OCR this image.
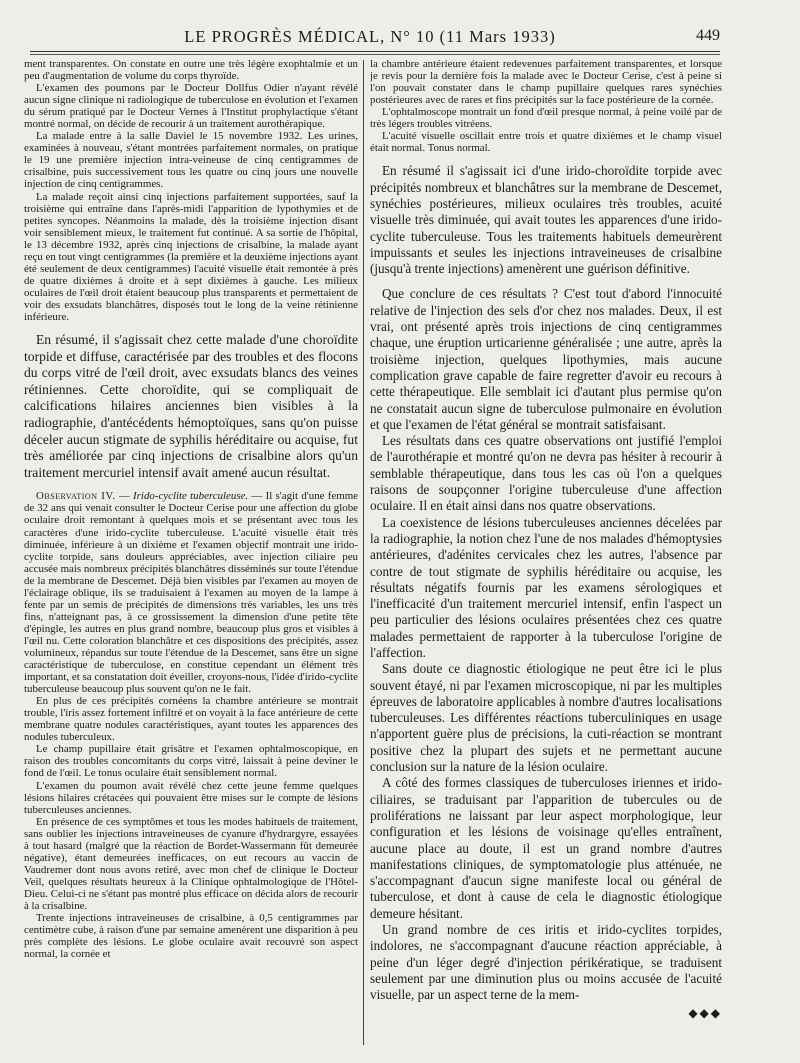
LE PROGRÈS MÉDICAL, N° 10 (11 Mars 1933)	449

ment transparentes. On constate en outre une très légère exophtalmie et un peu d'augmentation de volume du corps thyroïde.

L'examen des poumons par le Docteur Dollfus Odier n'ayant révélé aucun signe clinique ni radiologique de tuberculose en évolution et l'examen du sérum pratiqué par le Docteur Vernes à l'Institut prophylactique s'étant montré normal, on décide de recourir à un traitement aurothérapique.

La malade entre à la salle Daviel le 15 novembre 1932. Les urines, examinées à nouveau, s'étant montrées parfaitement normales, on pratique le 19 une première injection intra-veineuse de cinq centigrammes de crisalbine, puis successivement tous les quatre ou cinq jours une nouvelle injection de cinq centigrammes.

La malade reçoit ainsi cinq injections parfaitement supportées, sauf la troisième qui entraîne dans l'après-midi l'apparition de lypothymies et de petites syncopes. Néanmoins la malade, dès la troisième injection disant voir sensiblement mieux, le traitement fut continué. A sa sortie de l'hôpital, le 13 décembre 1932, après cinq injections de crisalbine, la malade ayant reçu en tout vingt centigrammes (la première et la deuxième injections ayant été seulement de deux centigrammes) l'acuité visuelle était remontée à près de quatre dixièmes à droite et à sept dixièmes à gauche. Les milieux oculaires de l'œil droit étaient beaucoup plus transparents et permettaient de voir des exsudats blanchâtres, disposés tout le long de la veine rétinienne inférieure.

En résumé, il s'agissait chez cette malade d'une choroïdite torpide et diffuse, caractérisée par des troubles et des flocons du corps vitré de l'œil droit, avec exsudats blancs des veines rétiniennes. Cette choroïdite, qui se compliquait de calcifications hilaires anciennes bien visibles à la radiographie, d'antécédents hémoptoïques, sans qu'on puisse déceler aucun stigmate de syphilis héréditaire ou acquise, fut très améliorée par cinq injections de crisalbine alors qu'un traitement mercuriel intensif avait amené aucun résultat.

Observation IV. — Irido-cyclite tuberculeuse. — Il s'agit d'une femme de 32 ans qui venait consulter le Docteur Cerise pour une affection du globe oculaire droit remontant à quelques mois et se présentant avec tous les caractères d'une irido-cyclite tuberculeuse. L'acuité visuelle était très diminuée, inférieure à un dixième et l'examen objectif montrait une irido-cyclite torpide, sans douleurs appréciables, avec injection ciliaire peu accusée mais nombreux précipités blanchâtres disséminés sur toute l'étendue de la membrane de Descemet. Déjà bien visibles par l'examen au moyen de l'éclairage oblique, ils se traduisaient à l'examen au moyen de la lampe à fente par un semis de précipités de dimensions très variables, les uns très fins, n'atteignant pas, à ce grossissement la dimension d'une petite tête d'épingle, les autres en plus grand nombre, beaucoup plus gros et visibles à l'œil nu. Cette coloration blanchâtre et ces dispositions des précipités, assez volumineux, répandus sur toute l'étendue de la Descemet, sans être un signe caractéristique de tuberculose, en constitue cependant un élément très important, et sa constatation doit éveiller, croyons-nous, l'idée d'irido-cyclite tuberculeuse beaucoup plus souvent qu'on ne le fait.

En plus de ces précipités cornéens la chambre antérieure se montrait trouble, l'iris assez fortement infiltré et on voyait à la face antérieure de cette membrane quatre nodules caractéristiques, ayant toutes les apparences des nodules tuberculeux.

Le champ pupillaire était grisâtre et l'examen ophtalmoscopique, en raison des troubles concomitants du corps vitré, laissait à peine deviner le fond de l'œil. Le tonus oculaire était sensiblement normal.

L'examen du poumon avait révélé chez cette jeune femme quelques lésions hilaires crétacées qui pouvaient être mises sur le compte de lésions tuberculeuses anciennes.

En présence de ces symptômes et tous les modes habituels de traitement, sans oublier les injections intraveineuses de cyanure d'hydrargyre, essayées à tout hasard (malgré que la réaction de Bordet-Wassermann fût demeurée négative), étant demeurées inefficaces, on eut recours au vaccin de Vaudremer dont nous avons retiré, avec mon chef de clinique le Docteur Veil, quelques résultats heureux à la Clinique ophtalmologique de l'Hôtel-Dieu. Celui-ci ne s'étant pas montré plus efficace on décida alors de recourir à la crisalbine.

Trente injections intraveineuses de crisalbine, à 0,5 centigrammes par centimètre cube, à raison d'une par semaine amenèrent une disparition à peu près complète des lésions. Le globe oculaire avait recouvré son aspect normal, la cornée et

la chambre antérieure étaient redevenues parfaitement transparentes, et lorsque je revis pour la dernière fois la malade avec le Docteur Cerise, c'est à peine si l'on pouvait constater dans le champ pupillaire quelques rares synéchies postérieures avec de rares et fins précipités sur la face postérieure de la cornée.

L'ophtalmoscope montrait un fond d'œil presque normal, à peine voilé par de très légers troubles vitréens.

L'acuité visuelle oscillait entre trois et quatre dixièmes et le champ visuel était normal. Tonus normal.

En résumé il s'agissait ici d'une irido-choroïdite torpide avec précipités nombreux et blanchâtres sur la membrane de Descemet, synéchies postérieures, milieux oculaires très troubles, acuité visuelle très diminuée, qui avait toutes les apparences d'une irido-cyclite tuberculeuse. Tous les traitements habituels demeurèrent impuissants et seules les injections intraveineuses de crisalbine (jusqu'à trente injections) amenèrent une guérison définitive.

Que conclure de ces résultats ? C'est tout d'abord l'innocuité relative de l'injection des sels d'or chez nos malades. Deux, il est vrai, ont présenté après trois injections de cinq centigrammes chaque, une éruption urticarienne généralisée ; une autre, après la troisième injection, quelques lipothymies, mais aucune complication grave capable de faire regretter d'avoir eu recours à cette thérapeutique. Elle semblait ici d'autant plus permise qu'on ne constatait aucun signe de tuberculose pulmonaire en évolution et que l'examen de l'état général se montrait satisfaisant.

Les résultats dans ces quatre observations ont justifié l'emploi de l'aurothérapie et montré qu'on ne devra pas hésiter à recourir à semblable thérapeutique, dans tous les cas où l'on a quelques raisons de soupçonner l'origine tuberculeuse d'une affection oculaire. Il en était ainsi dans nos quatre observations.

La coexistence de lésions tuberculeuses anciennes décelées par la radiographie, la notion chez l'une de nos malades d'hémoptysies antérieures, d'adénites cervicales chez les autres, l'absence par contre de tout stigmate de syphilis héréditaire ou acquise, les résultats négatifs fournis par les examens sérologiques et l'inefficacité d'un traitement mercuriel intensif, enfin l'aspect un peu particulier des lésions oculaires présentées chez ces quatre malades permettaient de rapporter à la tuberculose l'origine de l'affection.

Sans doute ce diagnostic étiologique ne peut être ici le plus souvent étayé, ni par l'examen microscopique, ni par les multiples épreuves de laboratoire applicables à nombre d'autres localisations tuberculeuses. Les différentes réactions tuberculiniques en usage n'apportent guère plus de précisions, la cuti-réaction se montrant positive chez la plupart des sujets et ne permettant aucune conclusion sur la nature de la lésion oculaire.

A côté des formes classiques de tuberculoses iriennes et irido-ciliaires, se traduisant par l'apparition de tubercules ou de proliférations ne laissant par leur aspect morphologique, leur configuration et les lésions de voisinage qu'elles entraînent, aucune place au doute, il est un grand nombre d'autres manifestations cliniques, de symptomatologie plus atténuée, ne s'accompagnant d'aucun signe manifeste local ou général de tuberculose, et dont à cause de cela le diagnostic étiologique demeure hésitant.

Un grand nombre de ces iritis et irido-cyclites torpides, indolores, ne s'accompagnant d'aucune réaction appréciable, à peine d'un léger degré d'injection périkératique, se traduisent seulement par une diminution plus ou moins accusée de l'acuité visuelle, par un aspect terne de la mem-

◆◆◆
